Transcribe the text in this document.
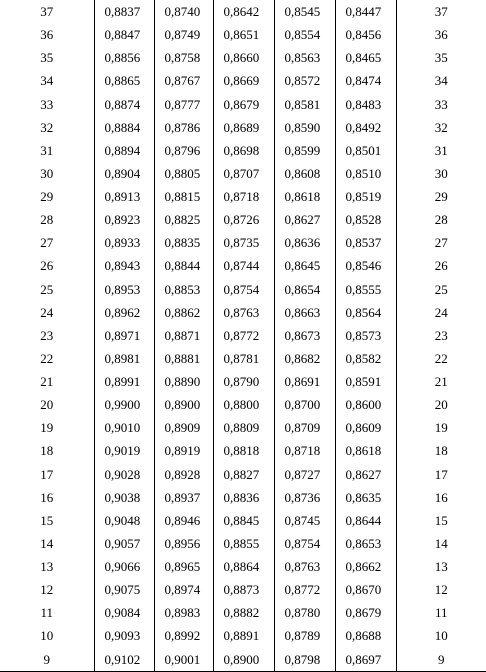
37	0,8837	0,8740	0,8642	0,8545	0,8447	37
36	0,8847	0,8749	0,8651	0,8554	0,8456	36
35	0,8856	0,8758	0,8660	0,8563	0,8465	35
34	0,8865	0,8767	0,8669	0,8572	0,8474	34
33	0,8874	0,8777	0,8679	0,8581	0,8483	33
32	0,8884	0,8786	0,8689	0,8590	0,8492	32
31	0,8894	0,8796	0,8698	0,8599	0,8501	31
30	0,8904	0,8805	0,8707	0,8608	0,8510	30
29	0,8913	0,8815	0,8718	0,8618	0,8519	29
28	0,8923	0,8825	0,8726	0,8627	0,8528	28
27	0,8933	0,8835	0,8735	0,8636	0,8537	27
26	0,8943	0,8844	0,8744	0,8645	0,8546	26
25	0,8953	0,8853	0,8754	0,8654	0,8555	25
24	0,8962	0,8862	0,8763	0,8663	0,8564	24
23	0,8971	0,8871	0,8772	0,8673	0,8573	23
22	0,8981	0,8881	0,8781	0,8682	0,8582	22
21	0,8991	0,8890	0,8790	0,8691	0,8591	21
20	0,9900	0,8900	0,8800	0,8700	0,8600	20
19	0,9010	0,8909	0,8809	0,8709	0,8609	19
18	0,9019	0,8919	0,8818	0,8718	0,8618	18
17	0,9028	0,8928	0,8827	0,8727	0,8627	17
16	0,9038	0,8937	0,8836	0,8736	0,8635	16
15	0,9048	0,8946	0,8845	0,8745	0,8644	15
14	0,9057	0,8956	0,8855	0,8754	0,8653	14
13	0,9066	0,8965	0,8864	0,8763	0,8662	13
12	0,9075	0,8974	0,8873	0,8772	0,8670	12
11	0,9084	0,8983	0,8882	0,8780	0,8679	11
10	0,9093	0,8992	0,8891	0,8789	0,8688	10
9	0,9102	0,9001	0,8900	0,8798	0,8697	9
